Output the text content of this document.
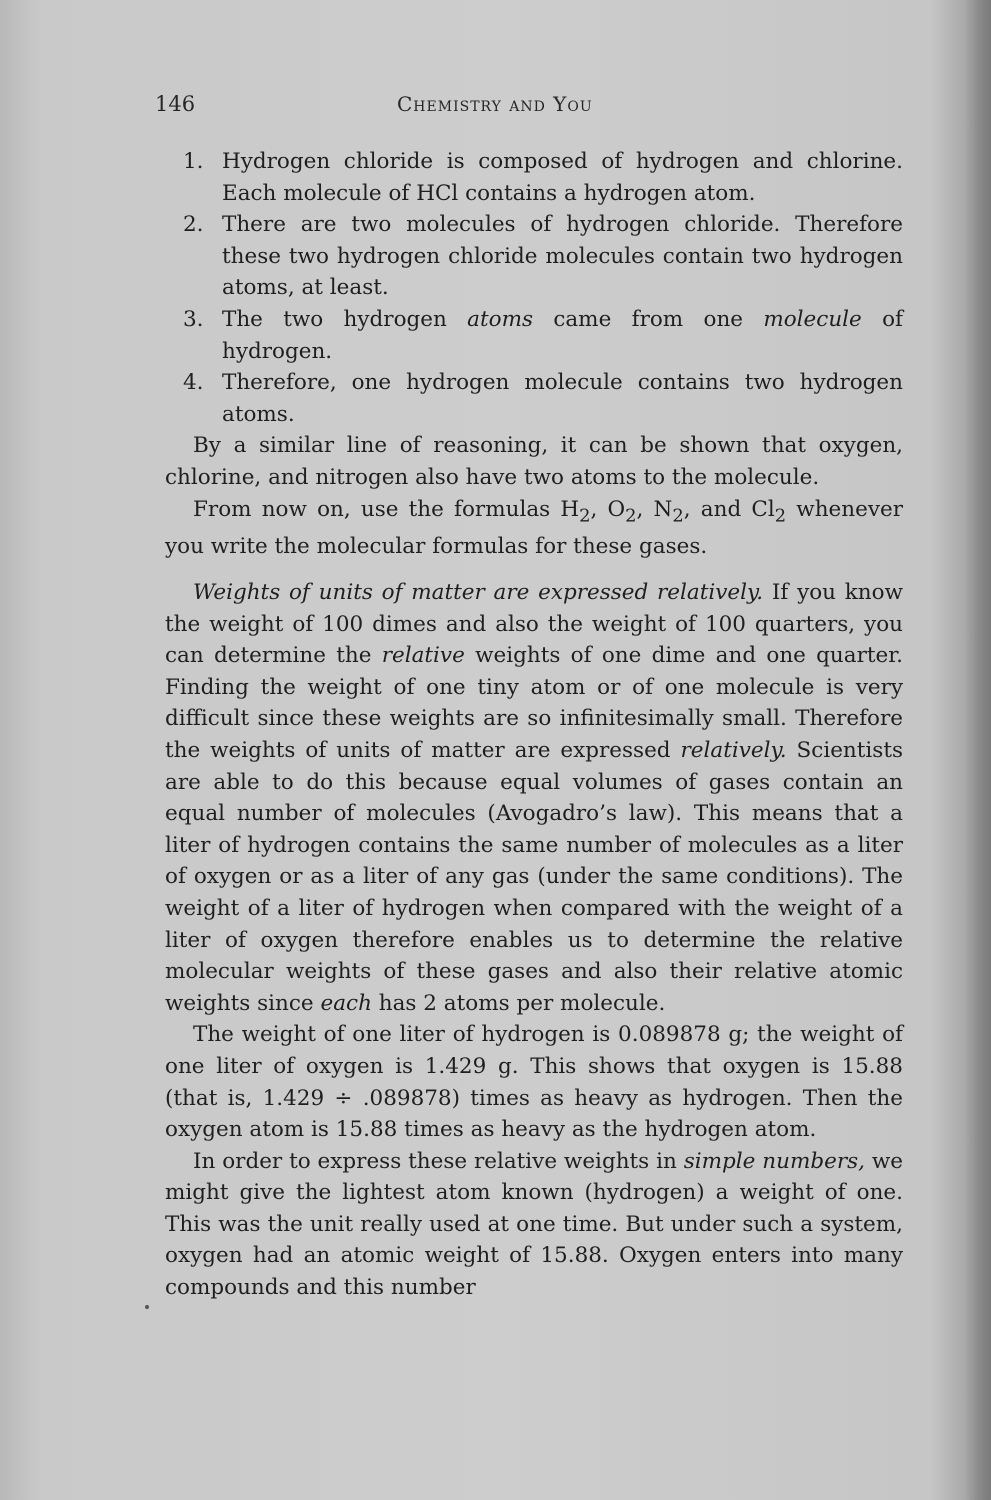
146	Chemistry and You
1. Hydrogen chloride is composed of hydrogen and chlorine. Each molecule of HCl contains a hydrogen atom.
2. There are two molecules of hydrogen chloride. Therefore these two hydrogen chloride molecules contain two hydrogen atoms, at least.
3. The two hydrogen atoms came from one molecule of hydrogen.
4. Therefore, one hydrogen molecule contains two hydrogen atoms.

By a similar line of reasoning, it can be shown that oxygen, chlorine, and nitrogen also have two atoms to the molecule.

From now on, use the formulas $H_2$, $O_2$, $N_2$, and $Cl_2$ whenever you write the molecular formulas for these gases.

Weights of units of matter are expressed relatively. If you know the weight of 100 dimes and also the weight of 100 quarters, you can determine the relative weights of one dime and one quarter. Finding the weight of one tiny atom or of one molecule is very difficult since these weights are so infinitesimally small. Therefore the weights of units of matter are expressed relatively. Scientists are able to do this because equal volumes of gases contain an equal number of molecules (Avogadro’s law). This means that a liter of hydrogen contains the same number of molecules as a liter of oxygen or as a liter of any gas (under the same conditions). The weight of a liter of hydrogen when compared with the weight of a liter of oxygen therefore enables us to determine the relative molecular weights of these gases and also their relative atomic weights since each has 2 atoms per molecule.

The weight of one liter of hydrogen is 0.089878 g; the weight of one liter of oxygen is 1.429 g. This shows that oxygen is 15.88 (that is, 1.429 ÷ .089878) times as heavy as hydrogen. Then the oxygen atom is 15.88 times as heavy as the hydrogen atom.

In order to express these relative weights in simple numbers, we might give the lightest atom known (hydrogen) a weight of one. This was the unit really used at one time. But under such a system, oxygen had an atomic weight of 15.88. Oxygen enters into many compounds and this number
